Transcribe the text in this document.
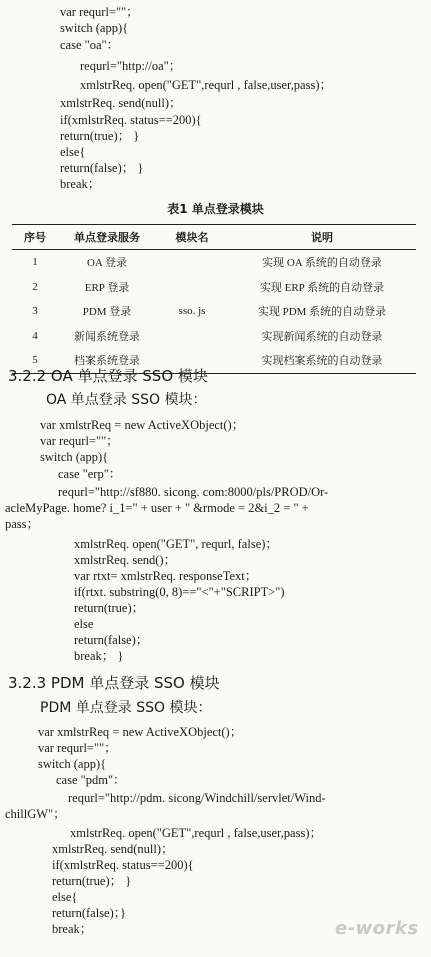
var requrl=""；
switch (app){
case "oa"：
requrl="http://oa"；
xmlstrReq. open("GET",requrl , false,user,pass)；
xmlstrReq. send(null)；
if(xmlstrReq. status==200){
return(true)； }
else{
return(false)； }
break；
表1 单点登录模块
序号	单点登录服务	模块名	说明
1	OA 登录		实现 OA 系统的自动登录
2	ERP 登录		实现 ERP 系统的自动登录
3	PDM 登录	sso. js	实现 PDM 系统的自动登录
4	新闻系统登录		实现新闻系统的自动登录
5	档案系统登录		实现档案系统的自动登录
3.2.2 OA 单点登录 SSO 模块
OA 单点登录 SSO 模块：
var xmlstrReq = new ActiveXObject()；
var requrl=""；
switch (app){
case "erp"：
requrl="http://sf880. sicong. com:8000/pls/PROD/Or-
acleMyPage. home? i_1=" + user + " &rmode = 2&i_2 = " +
pass；
xmlstrReq. open("GET", requrl, false)；
xmlstrReq. send()；
var rtxt= xmlstrReq. responseText；
if(rtxt. substring(0, 8)=="<"+"SCRIPT>")
return(true)；
else
return(false)；
break； }
3.2.3 PDM 单点登录 SSO 模块
PDM 单点登录 SSO 模块：
var xmlstrReq = new ActiveXObject()；
var requrl=""；
switch (app){
case "pdm"：
requrl="http://pdm. sicong/Windchill/servlet/Wind-
chillGW"；
xmlstrReq. open("GET",requrl , false,user,pass)；
xmlstrReq. send(null)；
if(xmlstrReq. status==200){
return(true)； }
else{
return(false)；}
break；	e-works
